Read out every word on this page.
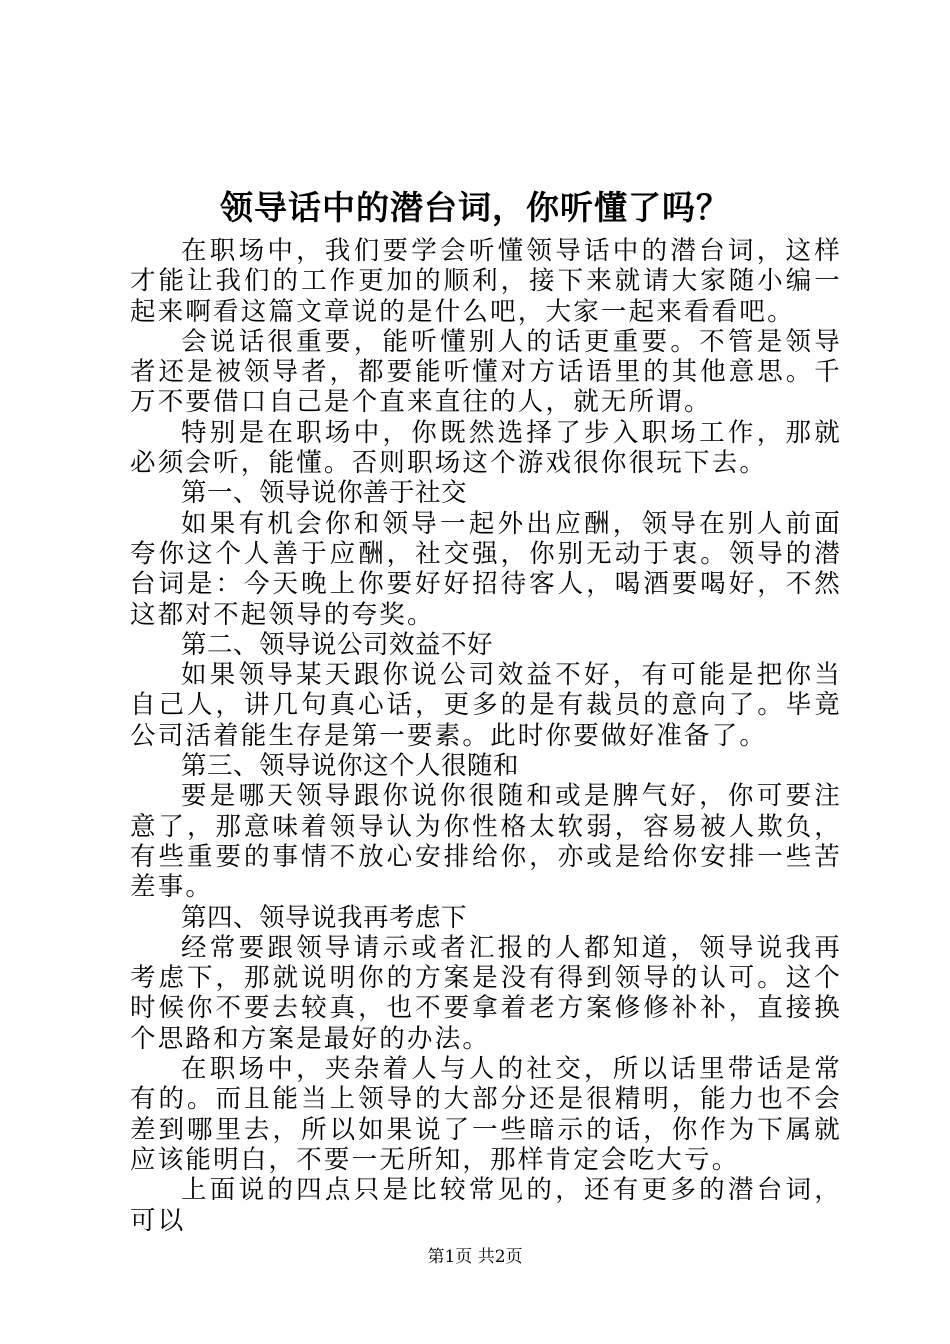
领导话中的潜台词，你听懂了吗？

在职场中，我们要学会听懂领导话中的潜台词，这样才能让我们的工作更加的顺利，接下来就请大家随小编一起来啊看这篇文章说的是什么吧，大家一起来看看吧。

会说话很重要，能听懂别人的话更重要。不管是领导者还是被领导者，都要能听懂对方话语里的其他意思。千万不要借口自己是个直来直往的人，就无所谓。

特别是在职场中，你既然选择了步入职场工作，那就必须会听，能懂。否则职场这个游戏很你很玩下去。

第一、领导说你善于社交

如果有机会你和领导一起外出应酬，领导在别人前面夸你这个人善于应酬，社交强，你别无动于衷。领导的潜台词是：今天晚上你要好好招待客人，喝酒要喝好，不然这都对不起领导的夸奖。

第二、领导说公司效益不好

如果领导某天跟你说公司效益不好，有可能是把你当自己人，讲几句真心话，更多的是有裁员的意向了。毕竟公司活着能生存是第一要素。此时你要做好准备了。

第三、领导说你这个人很随和

要是哪天领导跟你说你很随和或是脾气好，你可要注意了，那意味着领导认为你性格太软弱，容易被人欺负，有些重要的事情不放心安排给你，亦或是给你安排一些苦差事。

第四、领导说我再考虑下

经常要跟领导请示或者汇报的人都知道，领导说我再考虑下，那就说明你的方案是没有得到领导的认可。这个时候你不要去较真，也不要拿着老方案修修补补，直接换个思路和方案是最好的办法。

在职场中，夹杂着人与人的社交，所以话里带话是常有的。而且能当上领导的大部分还是很精明，能力也不会差到哪里去，所以如果说了一些暗示的话，你作为下属就应该能明白，不要一无所知，那样肯定会吃大亏。

上面说的四点只是比较常见的，还有更多的潜台词，可以

第1页 共2页
